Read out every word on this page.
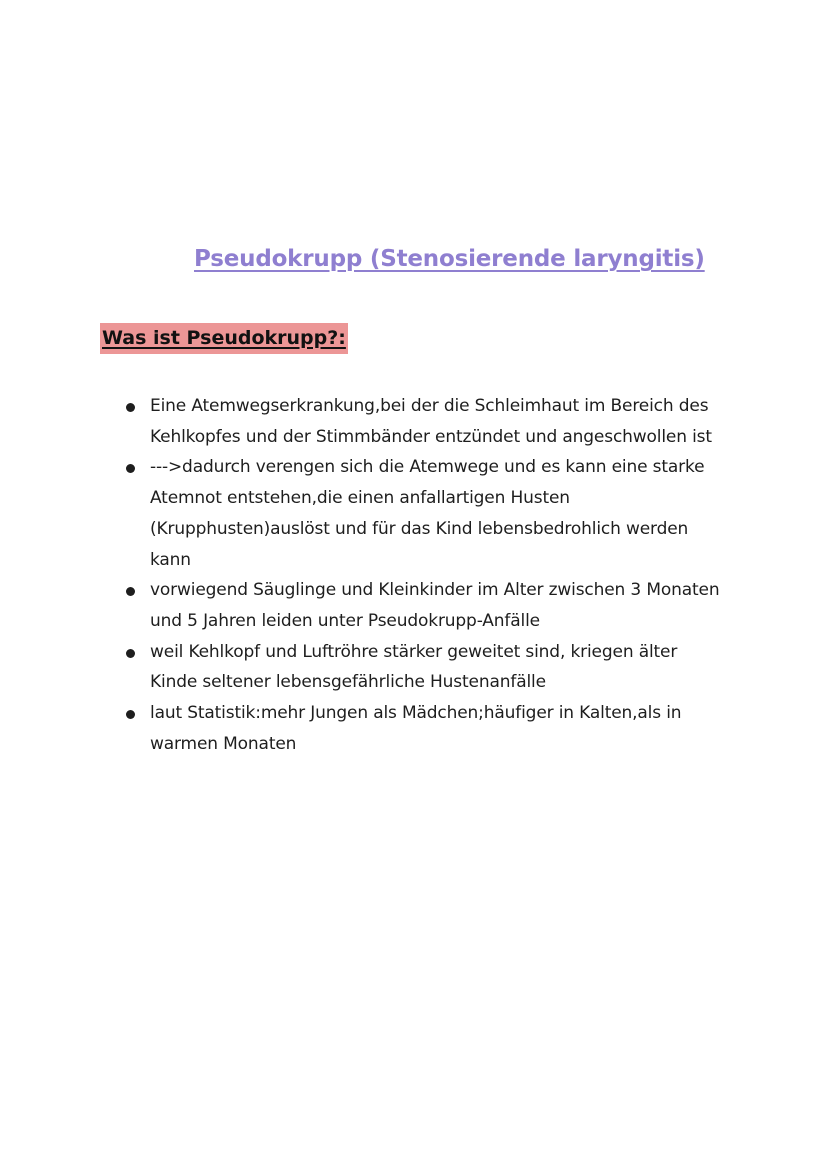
Pseudokrupp (Stenosierende laryngitis)
Was ist Pseudokrupp?:
Eine Atemwegserkrankung,bei der die Schleimhaut im Bereich des Kehlkopfes und der Stimmbänder entzündet und angeschwollen ist
--->dadurch verengen sich die Atemwege und es kann eine starke Atemnot entstehen,die einen anfallartigen Husten (Krupphusten)auslöst und für das Kind lebensbedrohlich werden kann
vorwiegend Säuglinge und Kleinkinder im Alter zwischen 3 Monaten und 5 Jahren leiden unter Pseudokrupp-Anfälle
weil Kehlkopf und Luftröhre stärker geweitet sind, kriegen älter Kinde seltener lebensgefährliche Hustenanfälle
laut Statistik:mehr Jungen als Mädchen;häufiger in Kalten,als in warmen Monaten
